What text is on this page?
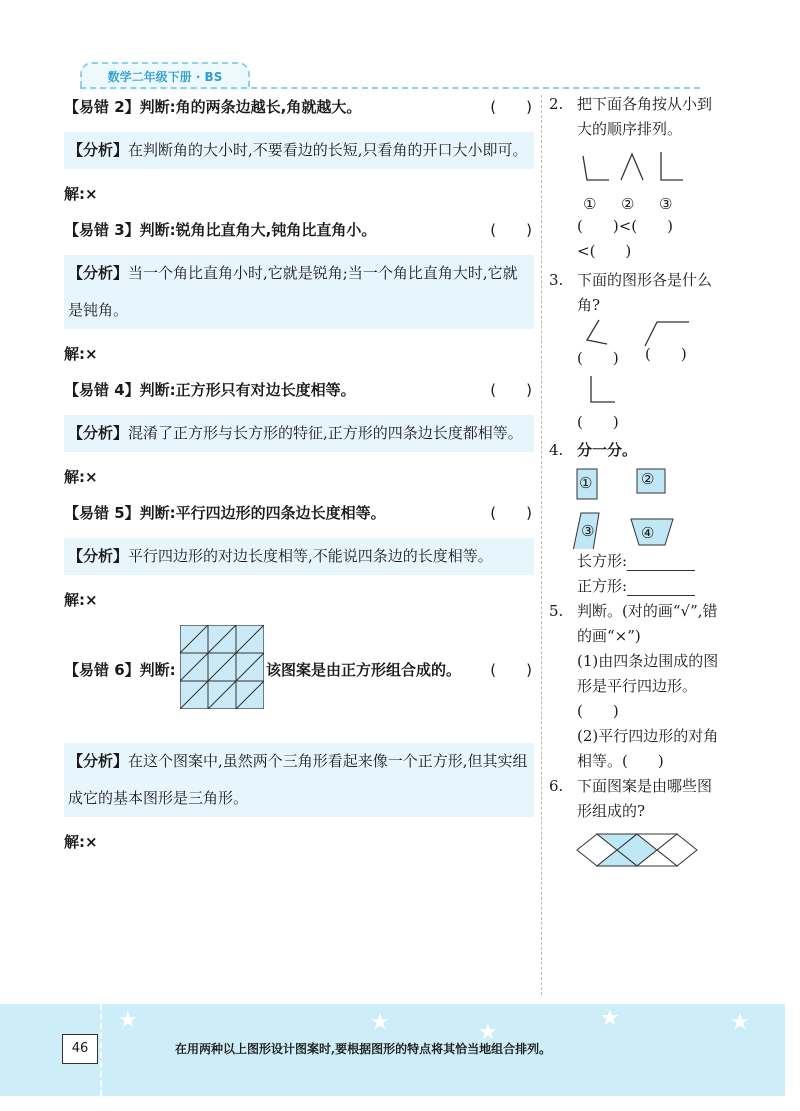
数学二年级下册 · BS
【易错 2】判断:角的两条边越长,角就越大。	(　　)
【分析】在判断角的大小时,不要看边的长短,只看角的开口大小即可。
解:×
【易错 3】判断:锐角比直角大,钝角比直角小。	(　　)
【分析】当一个角比直角小时,它就是锐角;当一个角比直角大时,它就是钝角。
解:×
【易错 4】判断:正方形只有对边长度相等。	(　　)
【分析】混淆了正方形与长方形的特征,正方形的四条边长度都相等。
解:×
【易错 5】判断:平行四边形的四条边长度相等。	(　　)
【分析】平行四边形的对边长度相等,不能说四条边的长度相等。
解:×
【易错 6】判断:	该图案是由正方形组合成的。 (　　)
【分析】在这个图案中,虽然两个三角形看起来像一个正方形,但其实组成它的基本图形是三角形。
解:×
2. 把下面各角按从小到大的顺序排列。
① ② ③
(　　)<(　　)
<(　　)
3. 下面的图形各是什么角?
(　　) (　　)
(　　)
4. 分一分。
①	②
③	④
长方形:
正方形:
5. 判断。(对的画“√”,错的画“×”)
(1)由四条边围成的图形是平行四边形。(　　)
(2)平行四边形的对角相等。(　　)
6. 下面图案是由哪些图形组成的?
★	★	★
★	★
46	在用两种以上图形设计图案时,要根据图形的特点将其恰当地组合排列。
